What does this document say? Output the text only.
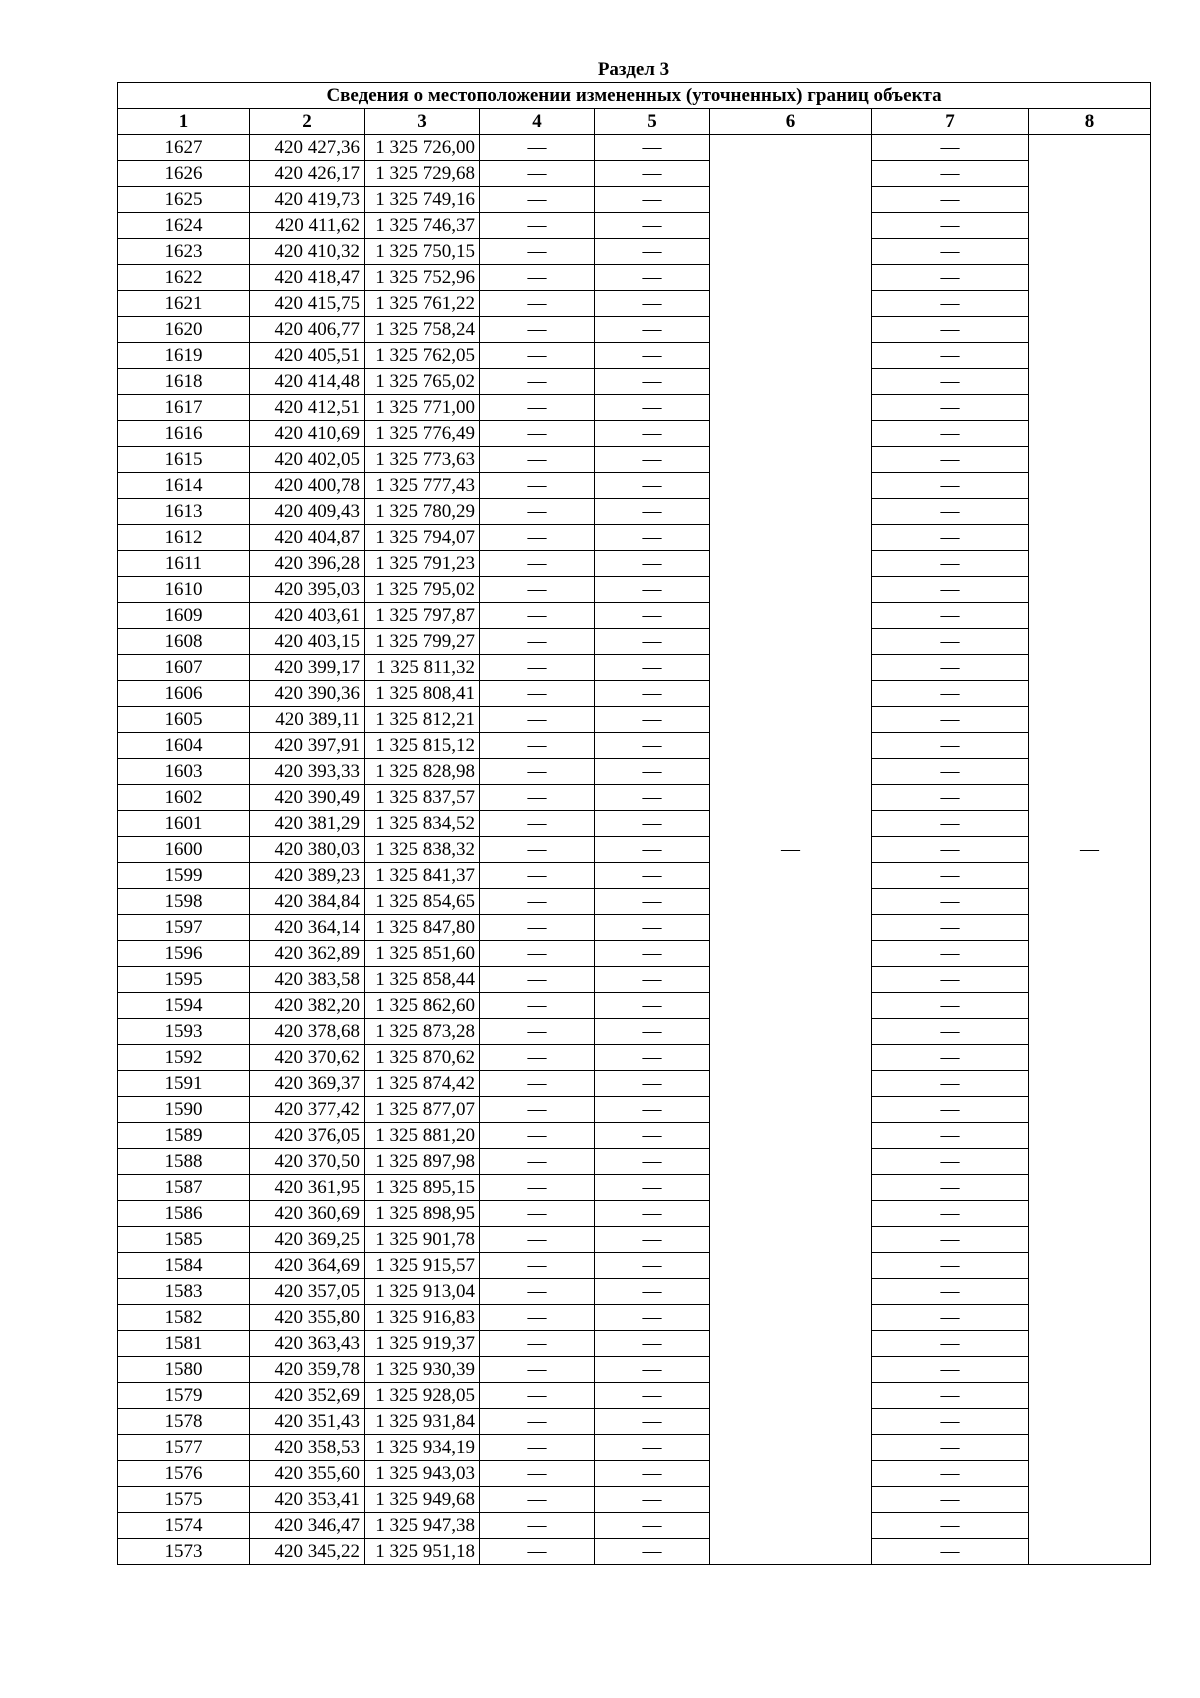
Раздел 3
Сведения о местоположении измененных (уточненных) границ объекта							
1	2	3	4	5	6	7	8
1627	420 427,36	1 325 726,00	—	—	—	—	—
1626	420 426,17	1 325 729,68	—	—		—	
1625	420 419,73	1 325 749,16	—	—		—	
1624	420 411,62	1 325 746,37	—	—		—	
1623	420 410,32	1 325 750,15	—	—		—	
1622	420 418,47	1 325 752,96	—	—		—	
1621	420 415,75	1 325 761,22	—	—		—	
1620	420 406,77	1 325 758,24	—	—		—	
1619	420 405,51	1 325 762,05	—	—		—	
1618	420 414,48	1 325 765,02	—	—		—	
1617	420 412,51	1 325 771,00	—	—		—	
1616	420 410,69	1 325 776,49	—	—		—	
1615	420 402,05	1 325 773,63	—	—		—	
1614	420 400,78	1 325 777,43	—	—		—	
1613	420 409,43	1 325 780,29	—	—		—	
1612	420 404,87	1 325 794,07	—	—		—	
1611	420 396,28	1 325 791,23	—	—		—	
1610	420 395,03	1 325 795,02	—	—		—	
1609	420 403,61	1 325 797,87	—	—		—	
1608	420 403,15	1 325 799,27	—	—		—	
1607	420 399,17	1 325 811,32	—	—		—	
1606	420 390,36	1 325 808,41	—	—		—	
1605	420 389,11	1 325 812,21	—	—		—	
1604	420 397,91	1 325 815,12	—	—		—	
1603	420 393,33	1 325 828,98	—	—		—	
1602	420 390,49	1 325 837,57	—	—		—	
1601	420 381,29	1 325 834,52	—	—		—	
1600	420 380,03	1 325 838,32	—	—		—	
1599	420 389,23	1 325 841,37	—	—		—	
1598	420 384,84	1 325 854,65	—	—		—	
1597	420 364,14	1 325 847,80	—	—		—	
1596	420 362,89	1 325 851,60	—	—		—	
1595	420 383,58	1 325 858,44	—	—		—	
1594	420 382,20	1 325 862,60	—	—		—	
1593	420 378,68	1 325 873,28	—	—		—	
1592	420 370,62	1 325 870,62	—	—		—	
1591	420 369,37	1 325 874,42	—	—		—	
1590	420 377,42	1 325 877,07	—	—		—	
1589	420 376,05	1 325 881,20	—	—		—	
1588	420 370,50	1 325 897,98	—	—		—	
1587	420 361,95	1 325 895,15	—	—		—	
1586	420 360,69	1 325 898,95	—	—		—	
1585	420 369,25	1 325 901,78	—	—		—	
1584	420 364,69	1 325 915,57	—	—		—	
1583	420 357,05	1 325 913,04	—	—		—	
1582	420 355,80	1 325 916,83	—	—		—	
1581	420 363,43	1 325 919,37	—	—		—	
1580	420 359,78	1 325 930,39	—	—		—	
1579	420 352,69	1 325 928,05	—	—		—	
1578	420 351,43	1 325 931,84	—	—		—	
1577	420 358,53	1 325 934,19	—	—		—	
1576	420 355,60	1 325 943,03	—	—		—	
1575	420 353,41	1 325 949,68	—	—		—	
1574	420 346,47	1 325 947,38	—	—		—	
1573	420 345,22	1 325 951,18	—	—		—	
